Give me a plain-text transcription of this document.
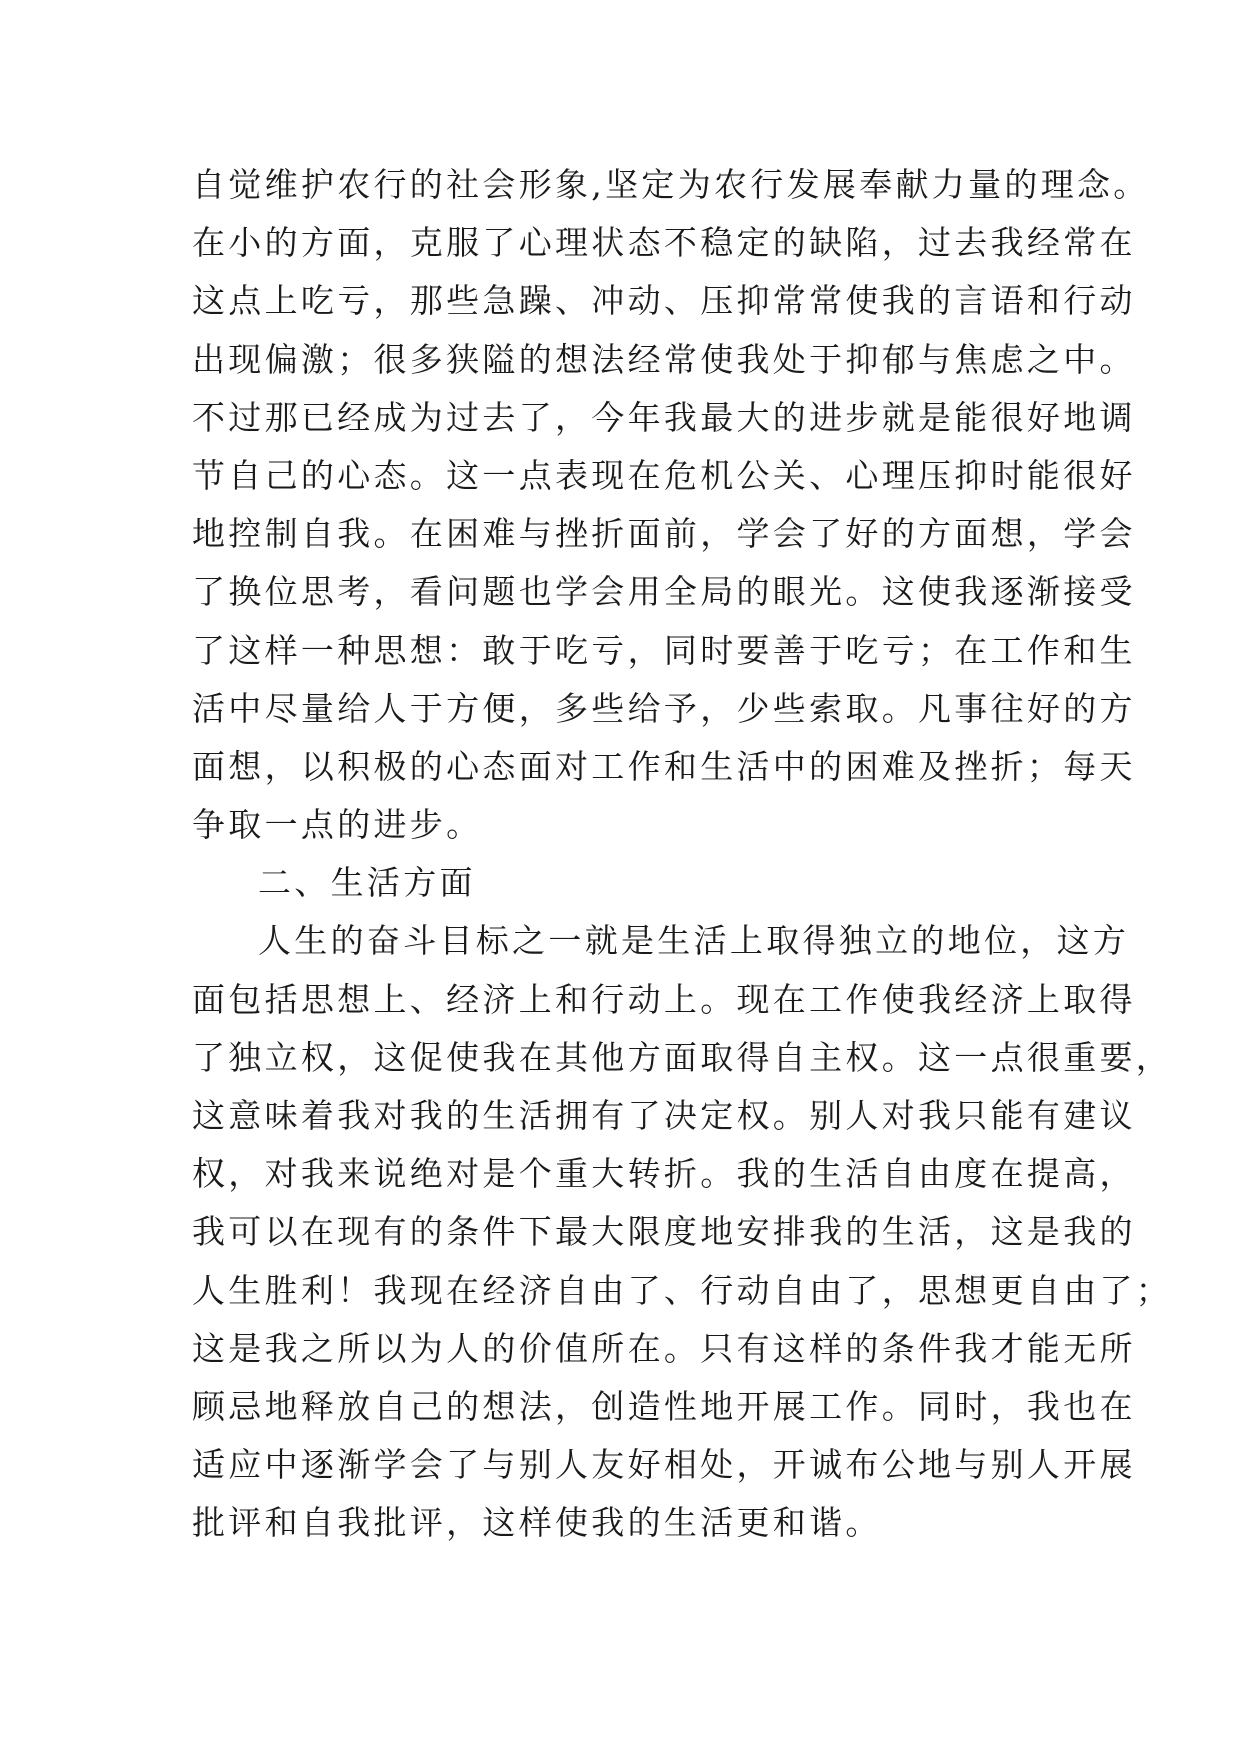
自觉维护农行的社会形象,坚定为农行发展奉献力量的理念。
在小的方面，克服了心理状态不稳定的缺陷，过去我经常在
这点上吃亏，那些急躁、冲动、压抑常常使我的言语和行动
出现偏激；很多狭隘的想法经常使我处于抑郁与焦虑之中。
不过那已经成为过去了，今年我最大的进步就是能很好地调
节自己的心态。这一点表现在危机公关、心理压抑时能很好
地控制自我。在困难与挫折面前，学会了好的方面想，学会
了换位思考，看问题也学会用全局的眼光。这使我逐渐接受
了这样一种思想：敢于吃亏，同时要善于吃亏；在工作和生
活中尽量给人于方便，多些给予，少些索取。凡事往好的方
面想，以积极的心态面对工作和生活中的困难及挫折；每天
争取一点的进步。
二、生活方面
人生的奋斗目标之一就是生活上取得独立的地位，这方
面包括思想上、经济上和行动上。现在工作使我经济上取得
了独立权，这促使我在其他方面取得自主权。这一点很重要，
这意味着我对我的生活拥有了决定权。别人对我只能有建议
权，对我来说绝对是个重大转折。我的生活自由度在提高，
我可以在现有的条件下最大限度地安排我的生活，这是我的
人生胜利！我现在经济自由了、行动自由了，思想更自由了；
这是我之所以为人的价值所在。只有这样的条件我才能无所
顾忌地释放自己的想法，创造性地开展工作。同时，我也在
适应中逐渐学会了与别人友好相处，开诚布公地与别人开展
批评和自我批评，这样使我的生活更和谐。
